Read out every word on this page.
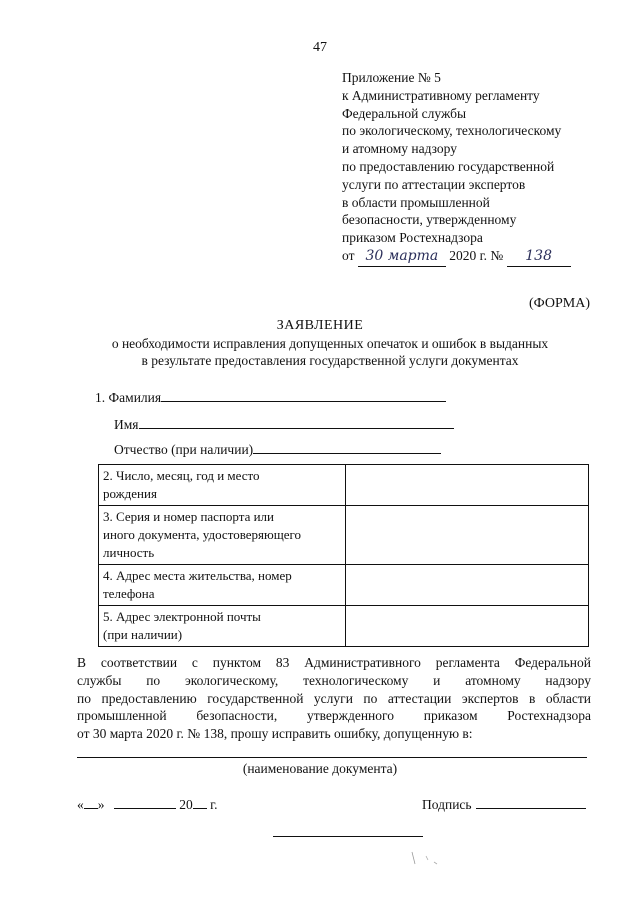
47
Приложение № 5
к Административному регламенту
Федеральной службы
по экологическому, технологическому
и атомному надзору
по предоставлению государственной
услуги по аттестации экспертов
в области промышленной
безопасности, утвержденному
приказом Ростехнадзора
от 30 марта 2020 г. № 138
(ФОРМА)
ЗАЯВЛЕНИЕ
о необходимости исправления допущенных опечаток и ошибок в выданных
в результате предоставления государственной услуги документах
1. Фамилия
Имя
Отчество (при наличии)
2. Число, месяц, год и место
рождения	

3. Серия и номер паспорта или
иного документа, удостоверяющего
личность	

4. Адрес места жительства, номер
телефона	

5. Адрес электронной почты
(при наличии)	

В соответствии с пунктом 83 Административного регламента Федеральной
службы по экологическому, технологическому и атомному надзору
по предоставлению государственной услуги по аттестации экспертов в области
промышленной безопасности, утвержденного приказом Ростехнадзора
от 30 марта 2020 г. № 138, прошу исправить ошибку, допущенную в:
(наименование документа)
« »	20 г.	Подпись
